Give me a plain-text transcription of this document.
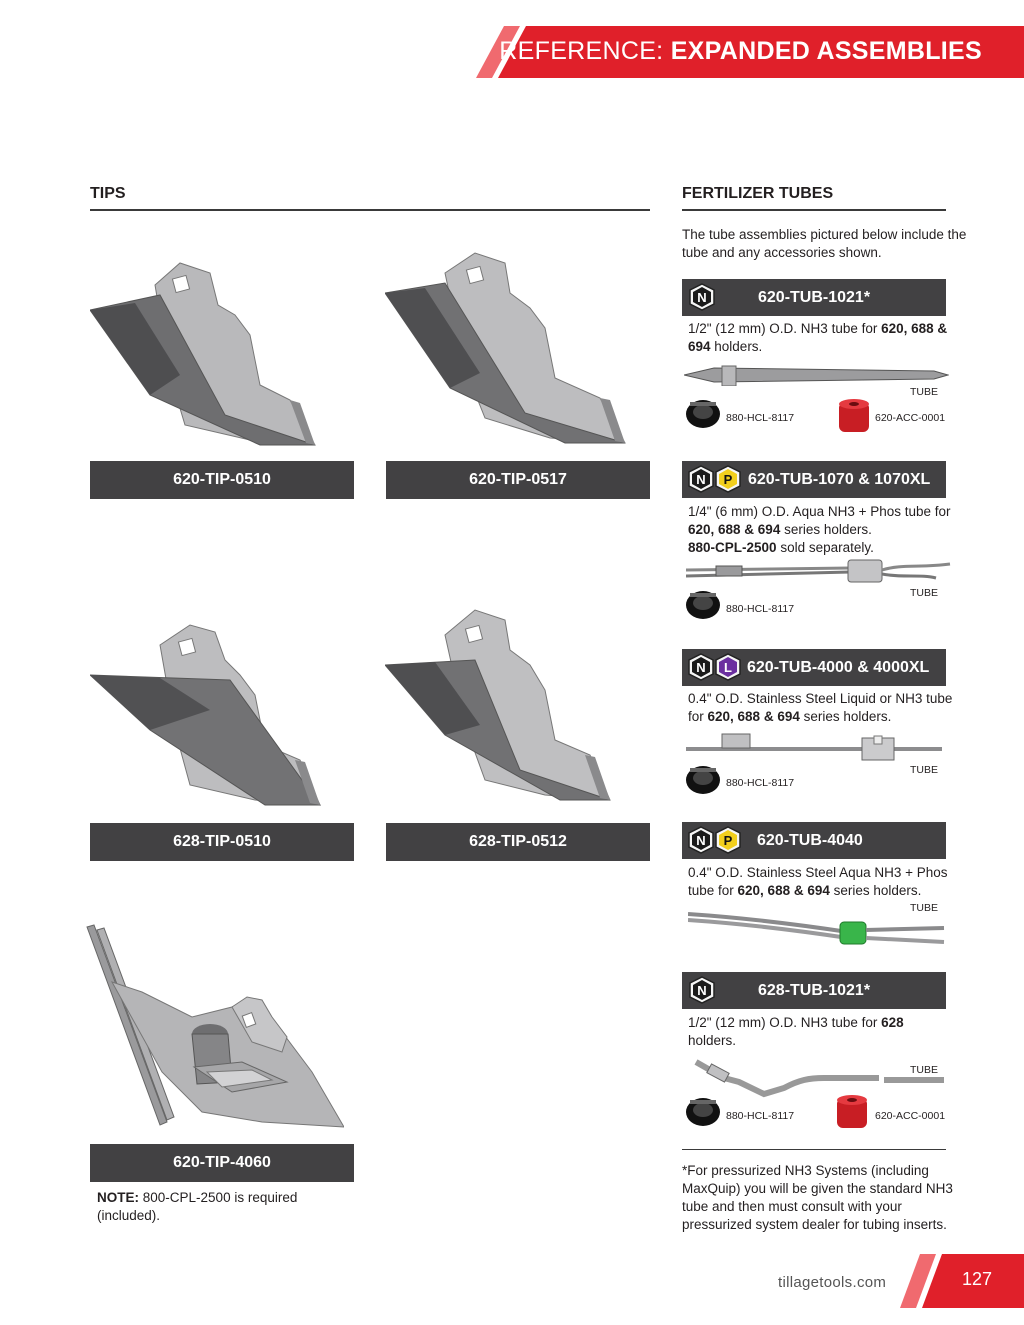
REFERENCE: EXPANDED ASSEMBLIES
TIPS
620-TIP-0510	620-TIP-0517
628-TIP-0510	628-TIP-0512
620-TIP-4060
NOTE: 800-CPL-2500 is required (included).
FERTILIZER TUBES
The tube assemblies pictured below include the tube and any accessories shown.
N	620-TUB-1021*
1/2" (12 mm) O.D. NH3 tube for 620, 688 & 694 holders.
TUBE
880-HCL-8117	620-ACC-0001
N P 620-TUB-1070 & 1070XL
1/4" (6 mm) O.D. Aqua NH3 + Phos tube for 620, 688 & 694 series holders.
880-CPL-2500 sold separately.
TUBE
880-HCL-8117
N L 620-TUB-4000 & 4000XL
0.4" O.D. Stainless Steel Liquid or NH3 tube for 620, 688 & 694 series holders.
TUBE
880-HCL-8117
N P 620-TUB-4040
0.4" O.D. Stainless Steel Aqua NH3 + Phos tube for 620, 688 & 694 series holders.
TUBE
N	628-TUB-1021*
1/2" (12 mm) O.D. NH3 tube for 628 holders.
TUBE
880-HCL-8117	620-ACC-0001
*For pressurized NH3 Systems (including MaxQuip) you will be given the standard NH3 tube and then must consult with your pressurized system dealer for tubing inserts.
tillagetools.com	127
